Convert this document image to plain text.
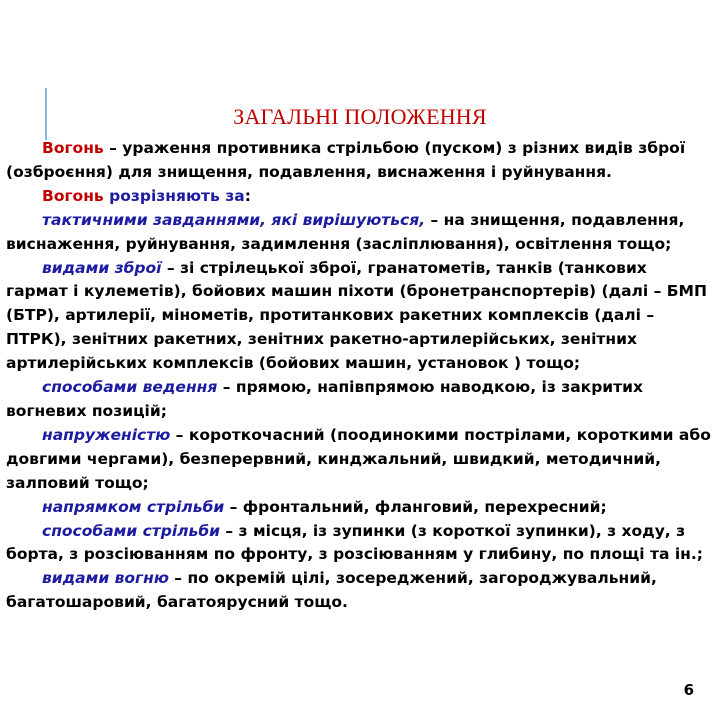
ЗАГАЛЬНІ ПОЛОЖЕННЯ

Вогонь – ураження противника стрільбою (пуском) з різних видів зброї (озброєння) для знищення, подавлення, виснаження і руйнування.

Вогонь розрізняють за:

тактичними завданнями, які вирішуються, – на знищення, подавлення, виснаження, руйнування, задимлення (засліплювання), освітлення тощо;

видами зброї – зі стрілецької зброї, гранатометів, танків (танкових гармат і кулеметів), бойових машин піхоти (бронетранспортерів) (далі – БМП (БТР), артилерії, мінометів, протитанкових ракетних комплексів (далі – ПТРК), зенітних ракетних, зенітних ракетно-артилерійських, зенітних артилерійських комплексів (бойових машин, установок ) тощо;

способами ведення – прямою, напівпрямою наводкою, із закритих вогневих позицій;

напруженістю – короткочасний (поодинокими пострілами, короткими або довгими чергами), безперервний, кинджальний, швидкий, методичний, залповий тощо;

напрямком стрільби – фронтальний, фланговий, перехресний;

способами стрільби – з місця, із зупинки (з короткої зупинки), з ходу, з борта, з розсіюванням по фронту, з розсіюванням у глибину, по площі та ін.;

видами вогню – по окремій цілі, зосереджений, загороджувальний, багатошаровий, багатоярусний тощо.

6
